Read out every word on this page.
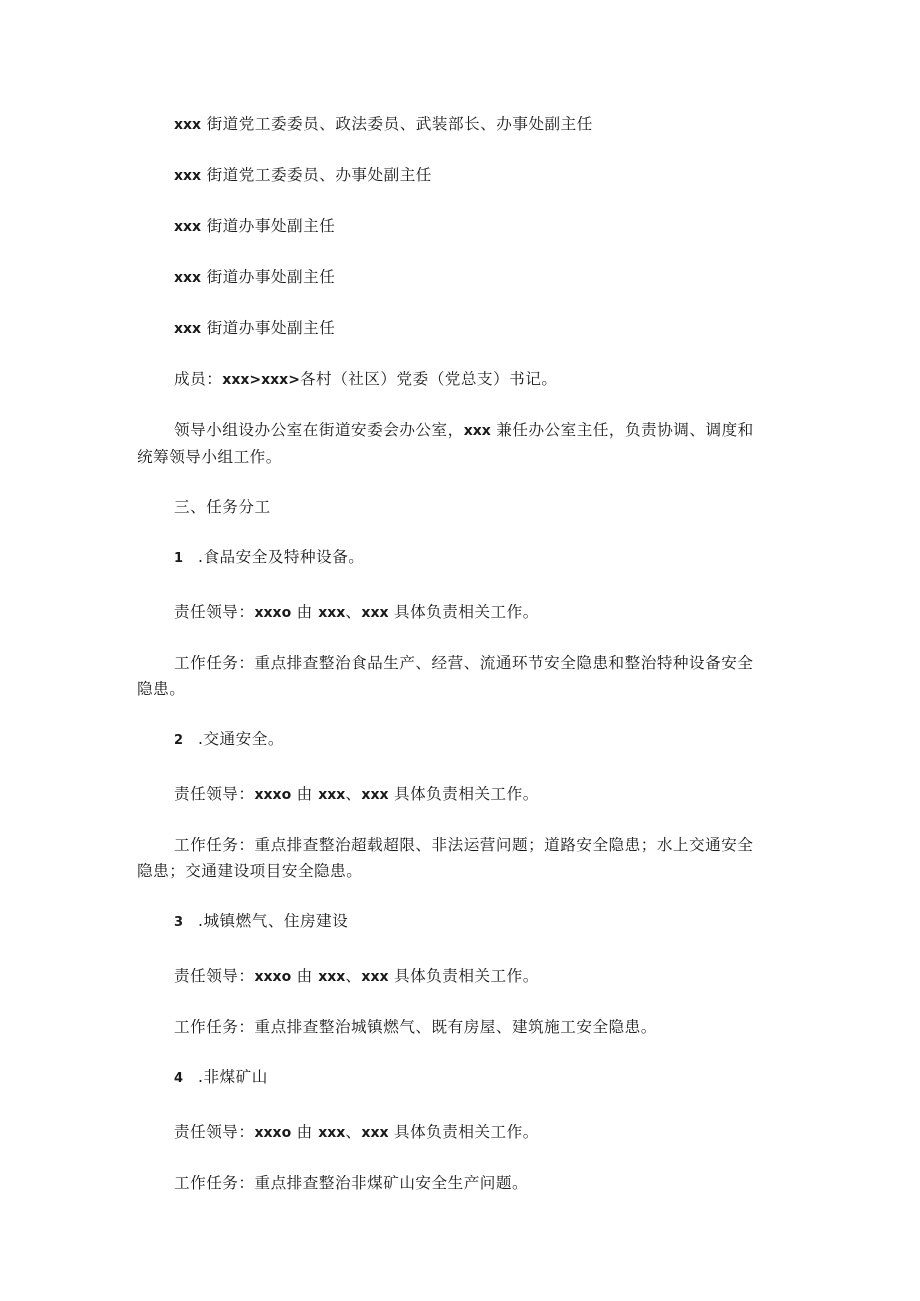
xxx 街道党工委委员、政法委员、武装部长、办事处副主任

xxx 街道党工委委员、办事处副主任

xxx 街道办事处副主任

xxx 街道办事处副主任

xxx 街道办事处副主任

成员：xxx>xxx>各村（社区）党委（党总支）书记。

领导小组设办公室在街道安委会办公室，xxx 兼任办公室主任，负责协调、调度和统筹领导小组工作。

三、任务分工

1 .食品安全及特种设备。

责任领导：xxxo 由 xxx、xxx 具体负责相关工作。

工作任务：重点排查整治食品生产、经营、流通环节安全隐患和整治特种设备安全隐患。

2 .交通安全。

责任领导：xxxo 由 xxx、xxx 具体负责相关工作。

工作任务：重点排查整治超载超限、非法运营问题；道路安全隐患；水上交通安全隐患；交通建设项目安全隐患。

3 .城镇燃气、住房建设

责任领导：xxxo 由 xxx、xxx 具体负责相关工作。

工作任务：重点排查整治城镇燃气、既有房屋、建筑施工安全隐患。

4 .非煤矿山

责任领导：xxxo 由 xxx、xxx 具体负责相关工作。

工作任务：重点排查整治非煤矿山安全生产问题。
